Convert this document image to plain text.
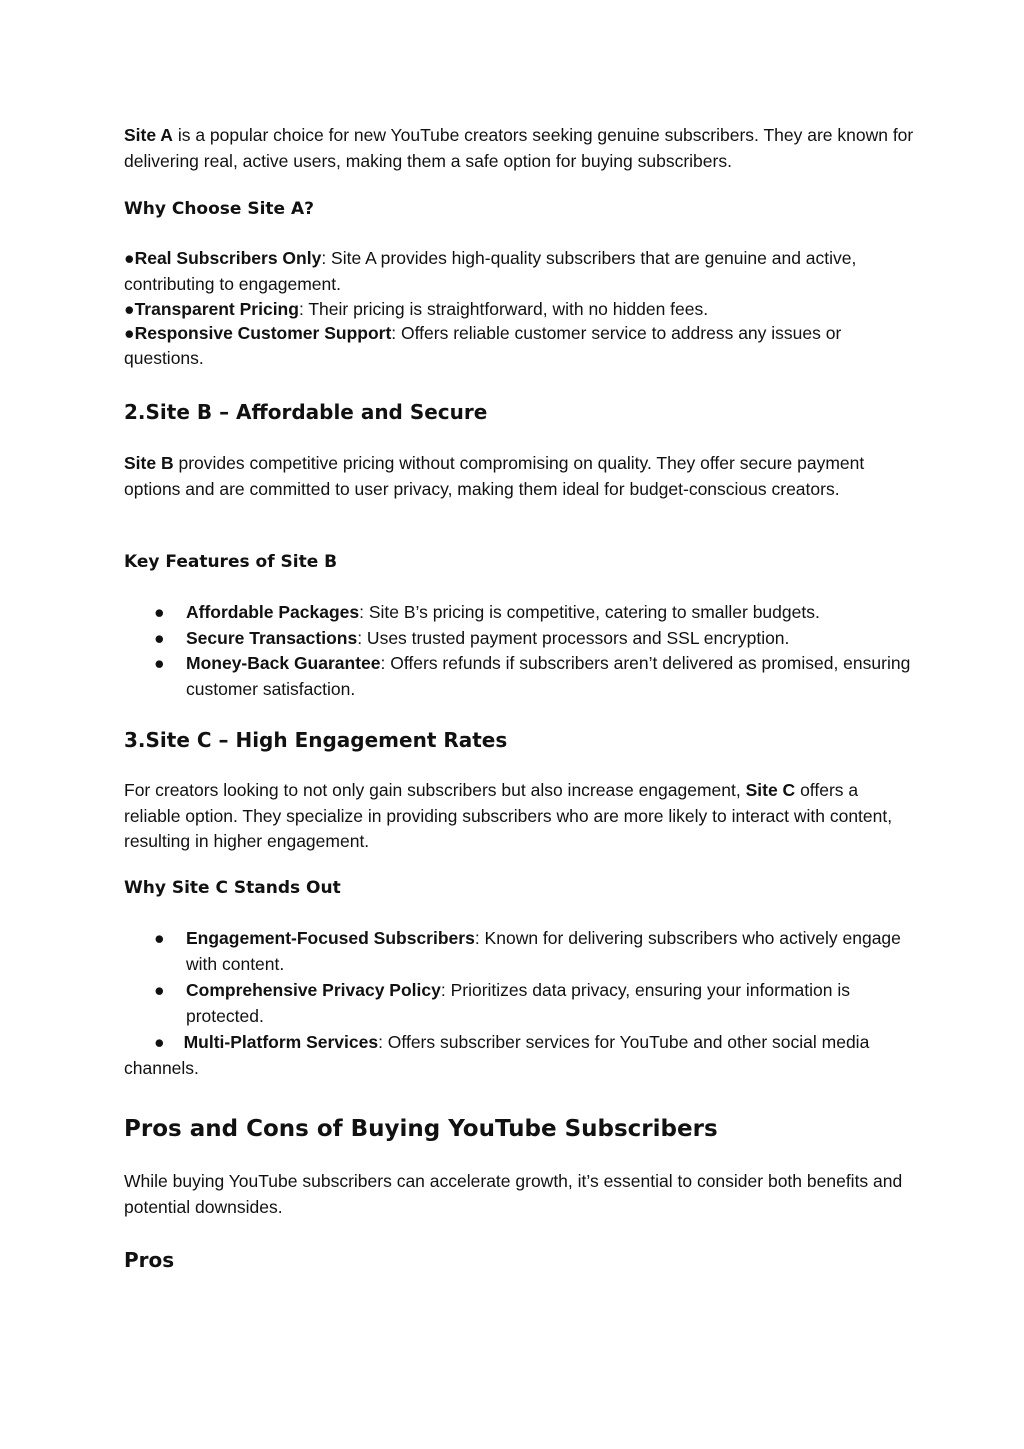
Site A is a popular choice for new YouTube creators seeking genuine subscribers. They are known for delivering real, active users, making them a safe option for buying subscribers.

Why Choose Site A?
●Real Subscribers Only: Site A provides high-quality subscribers that are genuine and active, contributing to engagement.
●Transparent Pricing: Their pricing is straightforward, with no hidden fees.
●Responsive Customer Support: Offers reliable customer service to address any issues or questions.
2.Site B – Affordable and Secure

Site B provides competitive pricing without compromising on quality. They offer secure payment options and are committed to user privacy, making them ideal for budget-conscious creators.

Key Features of Site B
● Affordable Packages: Site B’s pricing is competitive, catering to smaller budgets.
● Secure Transactions: Uses trusted payment processors and SSL encryption.
● Money-Back Guarantee: Offers refunds if subscribers aren’t delivered as promised, ensuring customer satisfaction.
3.Site C – High Engagement Rates

For creators looking to not only gain subscribers but also increase engagement, Site C offers a reliable option. They specialize in providing subscribers who are more likely to interact with content, resulting in higher engagement.

Why Site C Stands Out
● Engagement-Focused Subscribers: Known for delivering subscribers who actively engage with content.
● Comprehensive Privacy Policy: Prioritizes data privacy, ensuring your information is protected.

● Multi-Platform Services: Offers subscriber services for YouTube and other social media channels.

Pros and Cons of Buying YouTube Subscribers

While buying YouTube subscribers can accelerate growth, it’s essential to consider both benefits and potential downsides.

Pros
